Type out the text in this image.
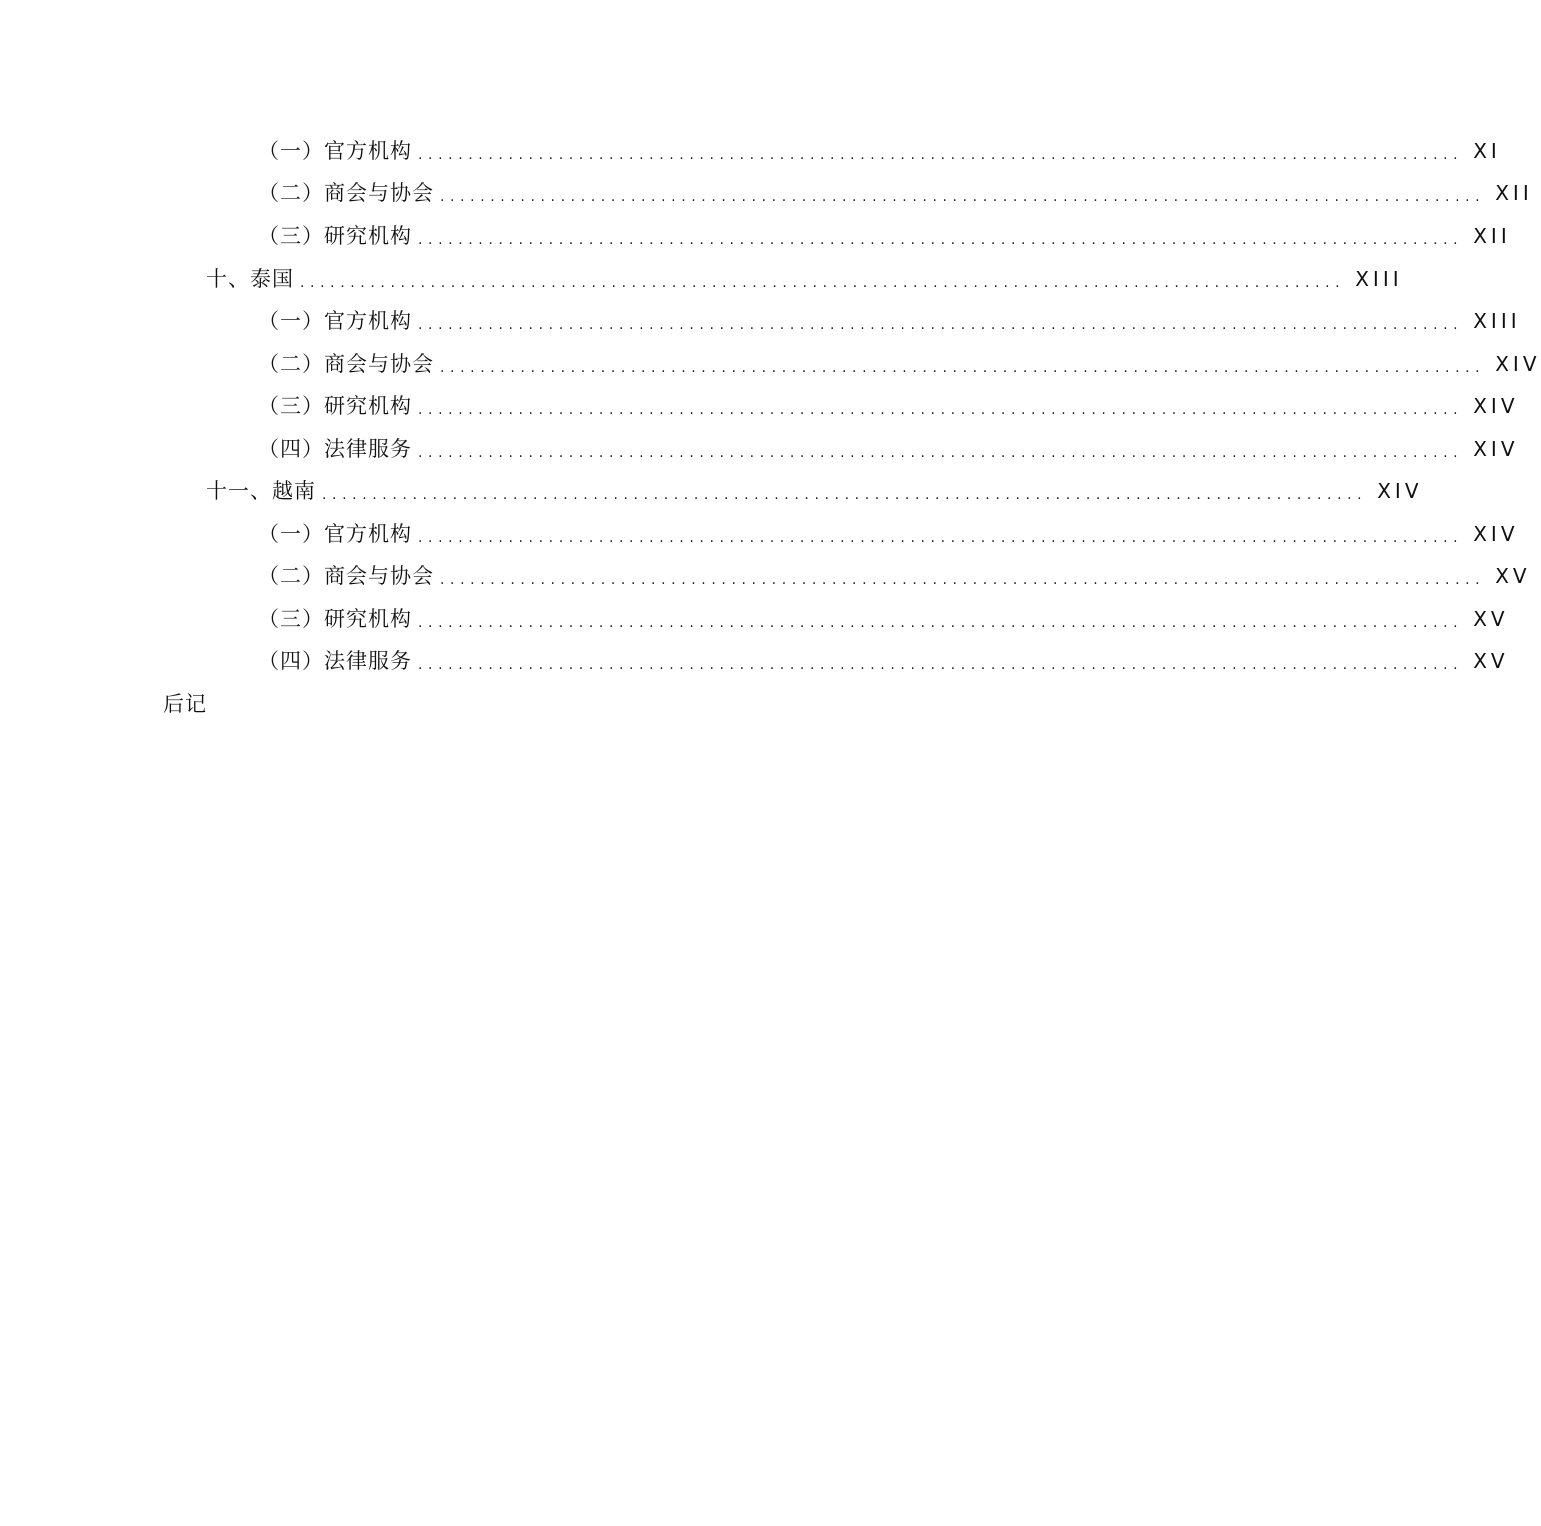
（一）官方机构 ........................................................................................................ XI
（二）商会与协会 ........................................................................................................ XII
（三）研究机构 ........................................................................................................ XII
十、泰国 ........................................................................................................ XIII
（一）官方机构 ........................................................................................................ XIII
（二）商会与协会 ........................................................................................................ XIV
（三）研究机构 ........................................................................................................ XIV
（四）法律服务 ........................................................................................................ XIV
十一、越南 ........................................................................................................ XIV
（一）官方机构 ........................................................................................................ XIV
（二）商会与协会 ........................................................................................................ XV
（三）研究机构 ........................................................................................................ XV
（四）法律服务 ........................................................................................................ XV
后记
